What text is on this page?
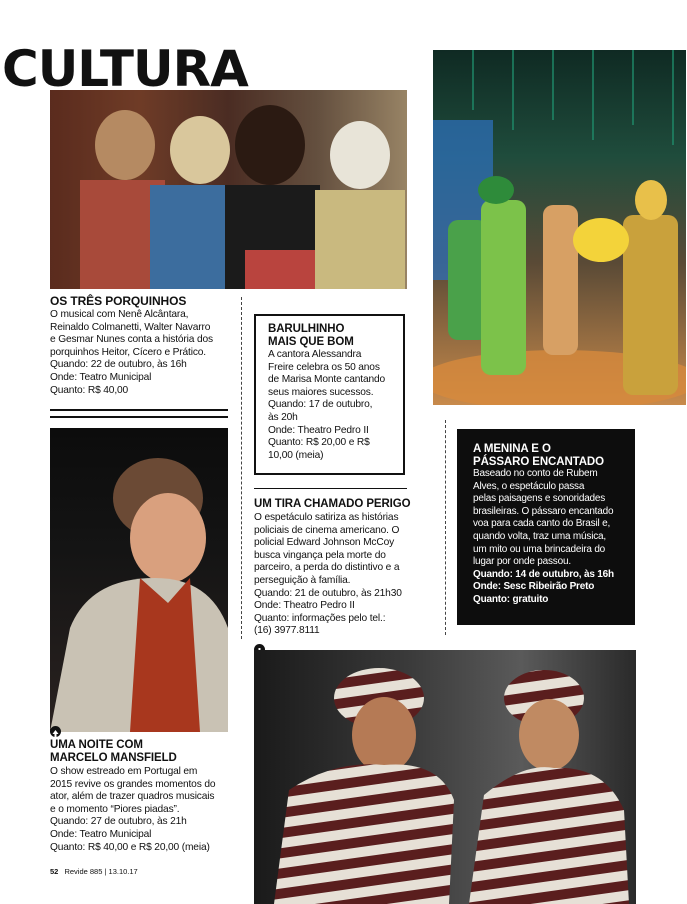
CULTURA
OS TRÊS PORQUINHOS
O musical com Nenê Alcântara,
Reinaldo Colmanetti, Walter Navarro
e Gesmar Nunes conta a história dos
porquinhos Heitor, Cícero e Prático.
Quando: 22 de outubro, às 16h
Onde: Teatro Municipal
Quanto: R$ 40,00
BARULHINHO
MAIS QUE BOM
A cantora Alessandra
Freire celebra os 50 anos
de Marisa Monte cantando
seus maiores sucessos.
Quando: 17 de outubro,
às 20h
Onde: Theatro Pedro II
Quanto: R$ 20,00 e R$
10,00 (meia)
UM TIRA CHAMADO PERIGO
O espetáculo satiriza as histórias
policiais de cinema americano. O
policial Edward Johnson McCoy
busca vingança pela morte do
parceiro, a perda do distintivo e a
perseguição à família.
Quando: 21 de outubro, às 21h30
Onde: Theatro Pedro II
Quanto: informações pelo tel.:
(16) 3977.8111
A MENINA E O
PÁSSARO ENCANTADO
Baseado no conto de Rubem
Alves, o espetáculo passa
pelas paisagens e sonoridades
brasileiras. O pássaro encantado
voa para cada canto do Brasil e,
quando volta, traz uma música,
um mito ou uma brincadeira do
lugar por onde passou.
Quando: 14 de outubro, às 16h
Onde: Sesc Ribeirão Preto
Quanto: gratuito
UMA NOITE COM
MARCELO MANSFIELD
O show estreado em Portugal em
2015 revive os grandes momentos do
ator, além de trazer quadros musicais
e o momento “Piores piadas”.
Quando: 27 de outubro, às 21h
Onde: Teatro Municipal
Quanto: R$ 40,00 e R$ 20,00 (meia)
52 Revide 885 | 13.10.17
